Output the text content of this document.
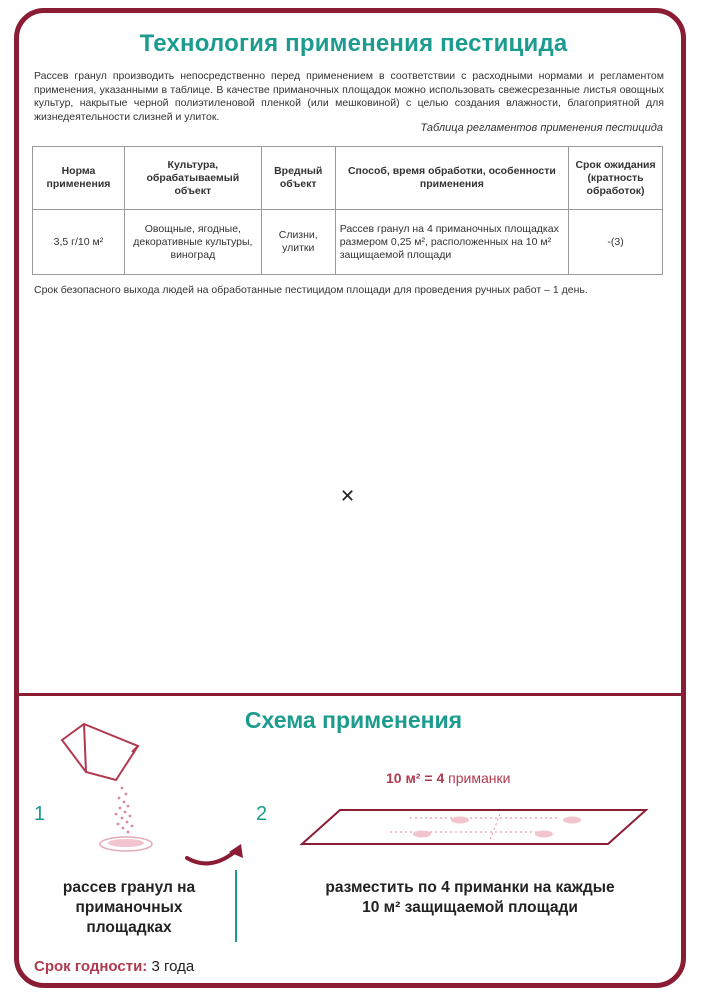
Технология применения пестицида
Рассев гранул производить непосредственно перед применением в соответствии с расходными нормами и регламентом применения, указанными в таблице. В качестве приманочных площадок можно использовать свежесрезанные листья овощных культур, накрытые черной полиэтиленовой пленкой (или мешковиной) с целью создания влажности, благоприятной для жизнедеятельности слизней и улиток.
Таблица регламентов применения пестицида
Норма применения	Культура, обрабатываемый объект	Вредный объект	Способ, время обработки, особенности применения	Срок ожидания (кратность обработок)
3,5 г/10 м²	Овощные, ягодные, декоративные культуры, виноград	Слизни, улитки	Рассев гранул на 4 приманочных площадках размером 0,25 м², расположенных на 10 м² защищаемой площади	-(3)
Срок безопасного выхода людей на обработанные пестицидом площади для проведения ручных работ – 1 день.
✕
Схема применения
1	2
10 м² = 4 приманки
рассев гранул на приманочных площадках
разместить по 4 приманки на каждые 10 м² защищаемой площади
Срок годности: 3 года
